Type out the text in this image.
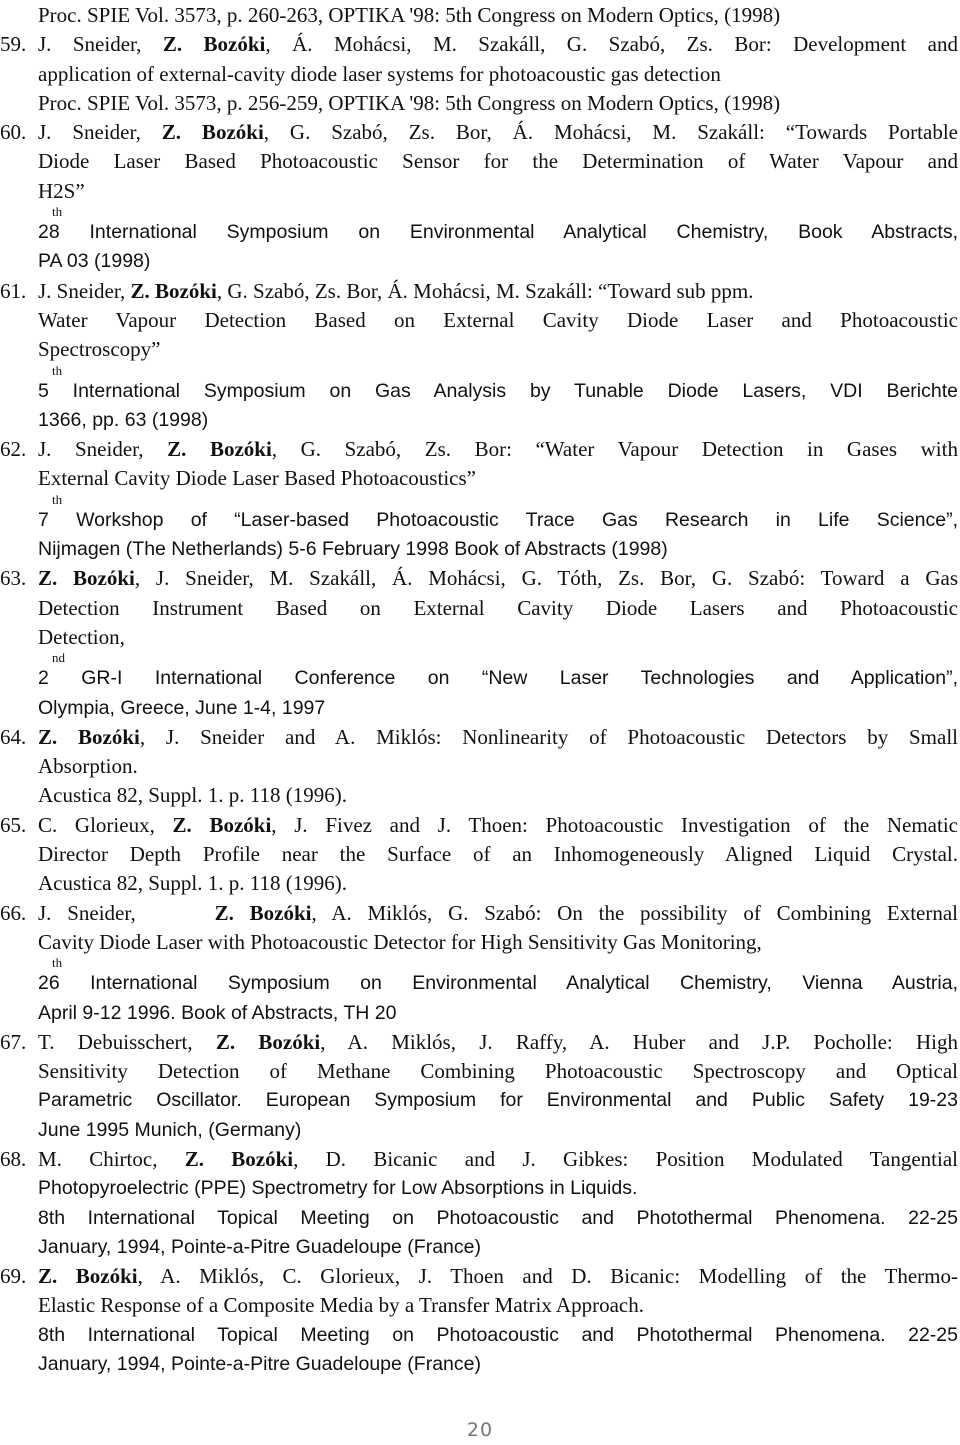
Proc. SPIE Vol. 3573, p. 260-263, OPTIKA '98: 5th Congress on Modern Optics, (1998)
59. J. Sneider, Z. Bozóki, Á. Mohácsi, M. Szakáll, G. Szabó, Zs. Bor: Development and
application of external-cavity diode laser systems for photoacoustic gas detection
Proc. SPIE Vol. 3573, p. 256-259, OPTIKA '98: 5th Congress on Modern Optics, (1998)
60. J. Sneider, Z. Bozóki, G. Szabó, Zs. Bor, Á. Mohácsi, M. Szakáll: “Towards Portable
Diode Laser Based Photoacoustic Sensor for the Determination of Water Vapour and
H2S”
th
28 International Symposium on Environmental Analytical Chemistry, Book Abstracts,
PA 03 (1998)
61. J. Sneider, Z. Bozóki, G. Szabó, Zs. Bor, Á. Mohácsi, M. Szakáll: “Toward sub ppm.
Water Vapour Detection Based on External Cavity Diode Laser and Photoacoustic
Spectroscopy”
th
5 International Symposium on Gas Analysis by Tunable Diode Lasers, VDI Berichte
1366, pp. 63 (1998)
62. J. Sneider, Z. Bozóki, G. Szabó, Zs. Bor: “Water Vapour Detection in Gases with
External Cavity Diode Laser Based Photoacoustics”
th
7 Workshop of “Laser-based Photoacoustic Trace Gas Research in Life Science”,
Nijmagen (The Netherlands) 5-6 February 1998 Book of Abstracts (1998)
63. Z. Bozóki, J. Sneider, M. Szakáll, Á. Mohácsi, G. Tóth, Zs. Bor, G. Szabó: Toward a Gas
Detection Instrument Based on External Cavity Diode Lasers and Photoacoustic
Detection,
nd
2 GR-I International Conference on “New Laser Technologies and Application”,
Olympia, Greece, June 1-4, 1997
64. Z. Bozóki, J. Sneider and A. Miklós: Nonlinearity of Photoacoustic Detectors by Small
Absorption.
Acustica 82, Suppl. 1. p. 118 (1996).
65. C. Glorieux, Z. Bozóki, J. Fivez and J. Thoen: Photoacoustic Investigation of the Nematic
Director Depth Profile near the Surface of an Inhomogeneously Aligned Liquid Crystal.
Acustica 82, Suppl. 1. p. 118 (1996).
66. J. Sneider,     Z. Bozóki, A. Miklós, G. Szabó: On the possibility of Combining External
Cavity Diode Laser with Photoacoustic Detector for High Sensitivity Gas Monitoring,
th
26 International Symposium on Environmental Analytical Chemistry, Vienna Austria,
April 9-12 1996. Book of Abstracts, TH 20
67. T. Debuisschert, Z. Bozóki, A. Miklós, J. Raffy, A. Huber and J.P. Pocholle: High
Sensitivity Detection of Methane Combining Photoacoustic Spectroscopy and Optical
Parametric Oscillator. European Symposium for Environmental and Public Safety 19-23
June 1995 Munich, (Germany)
68. M. Chirtoc, Z. Bozóki, D. Bicanic and J. Gibkes: Position Modulated Tangential
Photopyroelectric (PPE) Spectrometry for Low Absorptions in Liquids.
8th International Topical Meeting on Photoacoustic and Photothermal Phenomena. 22-25
January, 1994, Pointe-a-Pitre Guadeloupe (France)
69. Z. Bozóki, A. Miklós, C. Glorieux, J. Thoen and D. Bicanic: Modelling of the Thermo-
Elastic Response of a Composite Media by a Transfer Matrix Approach.
8th International Topical Meeting on Photoacoustic and Photothermal Phenomena. 22-25
January, 1994, Pointe-a-Pitre Guadeloupe (France)
20
